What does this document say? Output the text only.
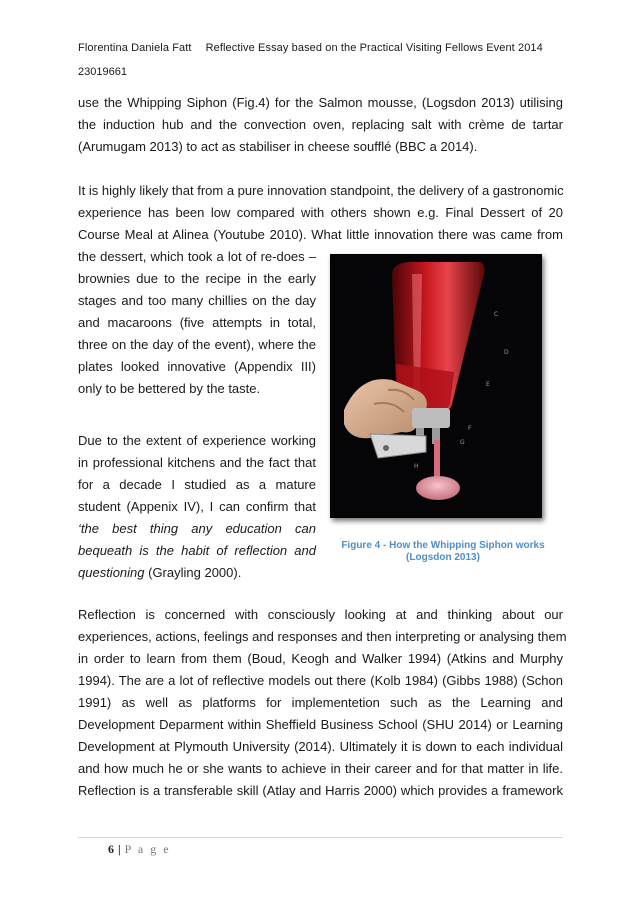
Florentina Daniela Fatt Reflective Essay based on the Practical Visiting Fellows Event 2014
23019661
use the Whipping Siphon (Fig.4) for the Salmon mousse, (Logsdon 2013) utilising
the induction hub and the convection oven, replacing salt with crème de tartar
(Arumugam 2013) to act as stabiliser in cheese soufflé (BBC a 2014).
It is highly likely that from a pure innovation standpoint, the delivery of a gastronomic
experience has been low compared with others shown e.g. Final Dessert of 20
Course Meal at Alinea (Youtube 2010). What little innovation there was came from
the dessert, which took a lot of re-does –
brownies due to the recipe in the early
stages and too many chillies on the day
and macaroons (five attempts in total,
three on the day of the event), where the
plates looked innovative (Appendix III)
only to be bettered by the taste.
Due to the extent of experience working
in professional kitchens and the fact that
for a decade I studied as a mature
student (Appenix IV), I can confirm that
‘the best thing any education can
bequeath is the habit of reflection and
questioning (Grayling 2000).
C
D
E
F
G
H
Figure 4 - How the Whipping Siphon works
(Logsdon 2013)
Reflection is concerned with consciously looking at and thinking about our
experiences, actions, feelings and responses and then interpreting or analysing them
in order to learn from them (Boud, Keogh and Walker 1994) (Atkins and Murphy
1994). The are a lot of reflective models out there (Kolb 1984) (Gibbs 1988) (Schon
1991) as well as platforms for implementetion such as the Learning and
Development Deparment within Sheffield Business School (SHU 2014) or Learning
Development at Plymouth University (2014). Ultimately it is down to each individual
and how much he or she wants to achieve in their career and for that matter in life.
Reflection is a transferable skill (Atlay and Harris 2000) which provides a framework
6 | P a g e
